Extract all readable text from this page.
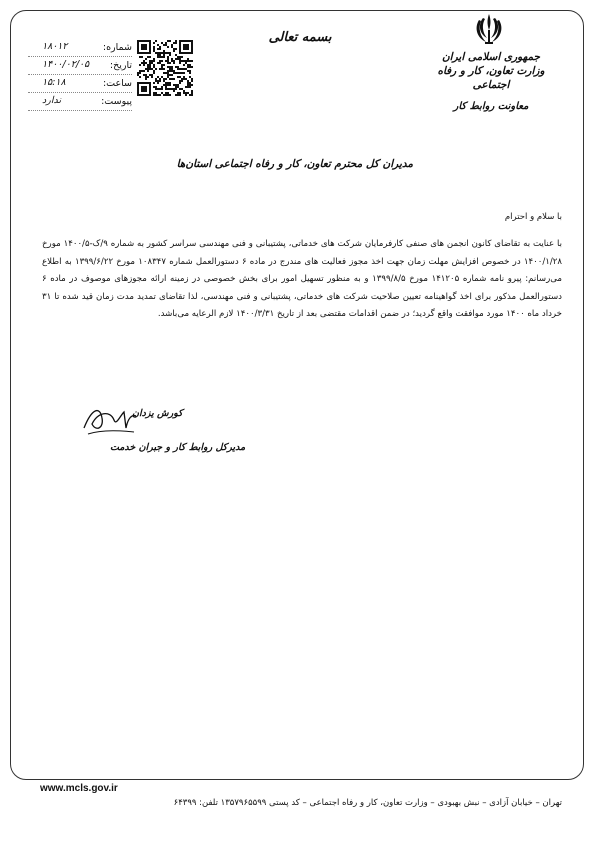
جمهوری اسلامی ایران
وزارت تعاون، کار و رفاه اجتماعی
معاونت روابط کار
بسمه تعالی
شماره:
۱۸۰۱۲
تاریخ:
۱۴۰۰/۰۲/۰۵
ساعت:
۱۵:۱۸
پیوست:
ندارد
مدیران کل محترم تعاون، کار و رفاه اجتماعی استان‌ها
با سلام و احترام
با عنایت به تقاضای کانون انجمن های صنفی کارفرمایان شرکت های خدماتی، پشتیبانی و فنی مهندسی سراسر کشور به شماره ۹/ک-۱۴۰۰/۵ مورخ ۱۴۰۰/۱/۲۸ در خصوص افزایش مهلت زمان جهت اخذ مجوز فعالیت های مندرج در ماده ۶ دستورالعمل شماره ۱۰۸۳۴۷ مورخ ۱۳۹۹/۶/۲۲ به اطلاع می‌رسانم: پیرو نامه شماره ۱۴۱۲۰۵ مورخ ۱۳۹۹/۸/۵ و به منظور تسهیل امور برای بخش خصوصی در زمینه ارائه مجوزهای موصوف در ماده ۶ دستورالعمل مذکور برای اخذ گواهینامه تعیین صلاحیت شرکت های خدماتی، پشتیبانی و فنی مهندسی، لذا تقاضای تمدید مدت زمان قید شده تا ۳۱ خرداد ماه ۱۴۰۰ مورد موافقت واقع گردید؛ در ضمن اقدامات مقتضی بعد از تاریخ ۱۴۰۰/۳/۳۱ لازم الرعایه می‌باشد.
کورش یزدان
مدیرکل روابط کار و جبران خدمت
www.mcls.gov.ir
تهران – خیابان آزادی – نبش بهبودی – وزارت تعاون، کار و رفاه اجتماعی – کد پستی ۱۳۵۷۹۶۵۵۹۹ تلفن: ۶۴۳۹۹
